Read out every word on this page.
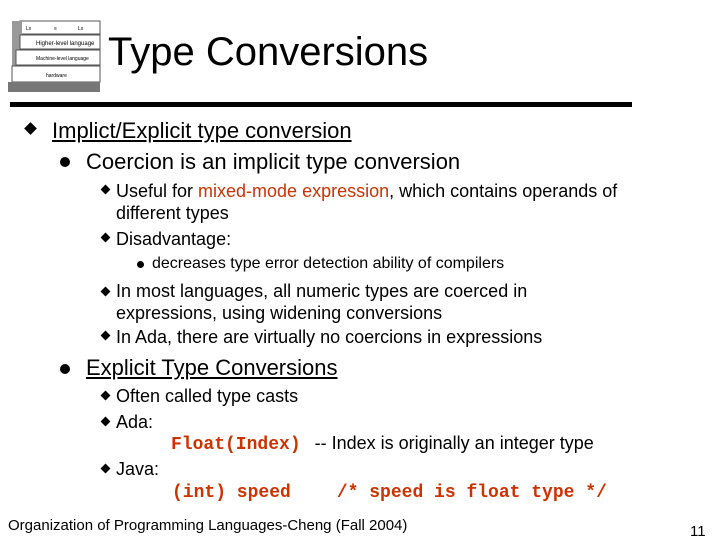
Lx	≡	Lx
Higher-level language
Machine-level language
hardware
Type Conversions
Implict/Explicit type conversion
Coercion is an implicit type conversion
Useful for mixed-mode expression, which contains operands of
different types
Disadvantage:
decreases type error detection ability of compilers
In most languages, all numeric types are coerced in
expressions, using widening conversions
In Ada, there are virtually no coercions in expressions
Explicit Type Conversions
Often called type casts
Ada:
Float(Index) -- Index is originally an integer type
Java:
(int) speed	/* speed is float type */
Organization of Programming Languages-Cheng (Fall 2004)	11
